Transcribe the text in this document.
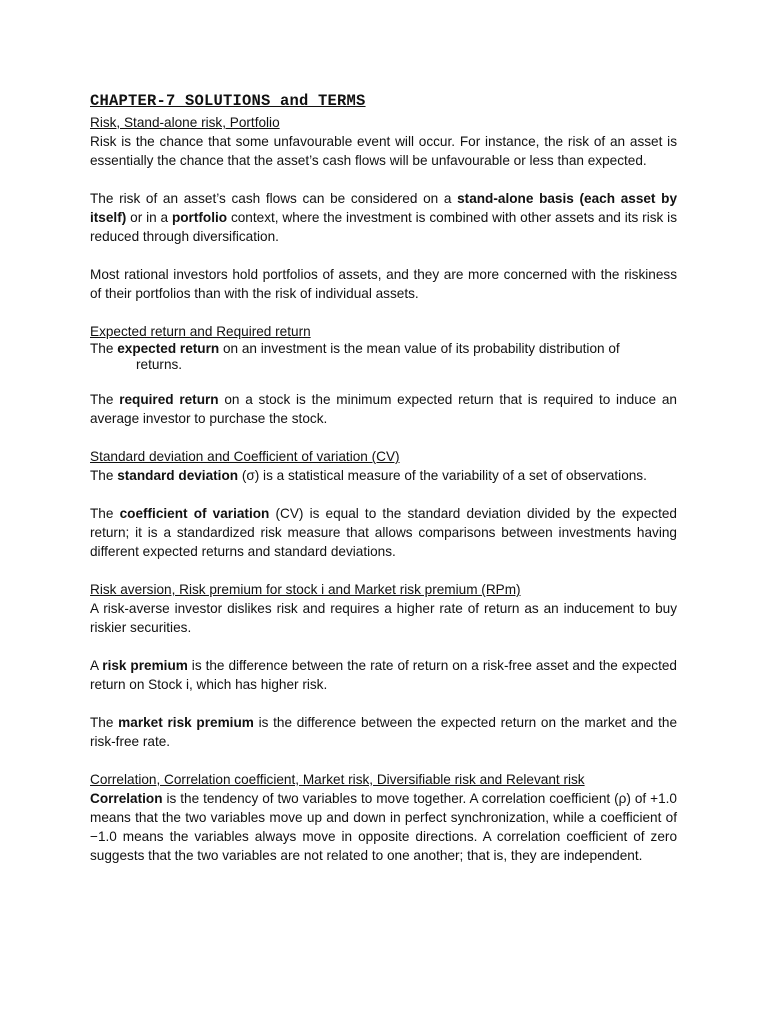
CHAPTER-7 SOLUTIONS and TERMS
Risk, Stand-alone risk, Portfolio

Risk is the chance that some unfavourable event will occur. For instance, the risk of an asset is essentially the chance that the asset’s cash flows will be unfavourable or less than expected.

The risk of an asset’s cash flows can be considered on a stand-alone basis (each asset by itself) or in a portfolio context, where the investment is combined with other assets and its risk is reduced through diversification.

Most rational investors hold portfolios of assets, and they are more concerned with the riskiness of their portfolios than with the risk of individual assets.

Expected return and Required return

The expected return on an investment is the mean value of its probability distribution of
returns.

The required return on a stock is the minimum expected return that is required to induce an average investor to purchase the stock.

Standard deviation and Coefficient of variation (CV)

The standard deviation (σ) is a statistical measure of the variability of a set of observations.

The coefficient of variation (CV) is equal to the standard deviation divided by the expected return; it is a standardized risk measure that allows comparisons between investments having different expected returns and standard deviations.

Risk aversion, Risk premium for stock i and Market risk premium (RPm)

A risk-averse investor dislikes risk and requires a higher rate of return as an inducement to buy riskier securities.

A risk premium is the difference between the rate of return on a risk-free asset and the expected return on Stock i, which has higher risk.

The market risk premium is the difference between the expected return on the market and the risk-free rate.

Correlation, Correlation coefficient, Market risk, Diversifiable risk and Relevant risk

Correlation is the tendency of two variables to move together. A correlation coefficient (ρ) of +1.0 means that the two variables move up and down in perfect synchronization, while a coefficient of −1.0 means the variables always move in opposite directions. A correlation coefficient of zero suggests that the two variables are not related to one another; that is, they are independent.
